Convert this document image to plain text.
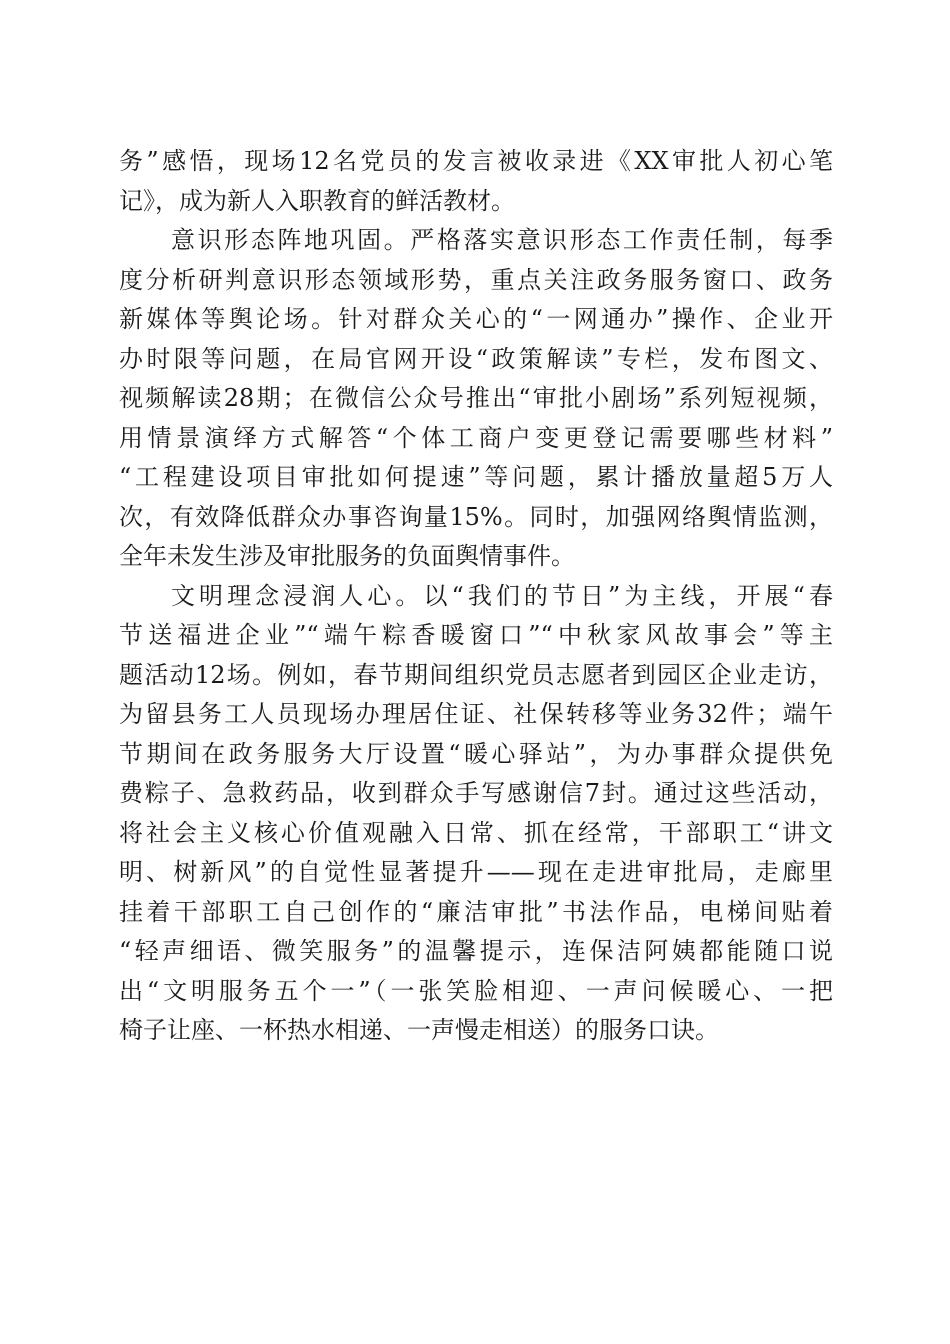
务”感悟，现场12名党员的发言被收录进《XX审批人初心笔
记》，成为新人入职教育的鲜活教材。
意识形态阵地巩固。严格落实意识形态工作责任制，每季
度分析研判意识形态领域形势，重点关注政务服务窗口、政务
新媒体等舆论场。针对群众关心的“一网通办”操作、企业开
办时限等问题，在局官网开设“政策解读”专栏，发布图文、
视频解读28期；在微信公众号推出“审批小剧场”系列短视频，
用情景演绎方式解答“个体工商户变更登记需要哪些材料”
“工程建设项目审批如何提速”等问题，累计播放量超5万人
次，有效降低群众办事咨询量15%。同时，加强网络舆情监测，
全年未发生涉及审批服务的负面舆情事件。
文明理念浸润人心。以“我们的节日”为主线，开展“春
节送福进企业”“端午粽香暖窗口”“中秋家风故事会”等主
题活动12场。例如，春节期间组织党员志愿者到园区企业走访，
为留县务工人员现场办理居住证、社保转移等业务32件；端午
节期间在政务服务大厅设置“暖心驿站”，为办事群众提供免
费粽子、急救药品，收到群众手写感谢信7封。通过这些活动，
将社会主义核心价值观融入日常、抓在经常，干部职工“讲文
明、树新风”的自觉性显著提升——现在走进审批局，走廊里
挂着干部职工自己创作的“廉洁审批”书法作品，电梯间贴着
“轻声细语、微笑服务”的温馨提示，连保洁阿姨都能随口说
出“文明服务五个一”（一张笑脸相迎、一声问候暖心、一把
椅子让座、一杯热水相递、一声慢走相送）的服务口诀。
